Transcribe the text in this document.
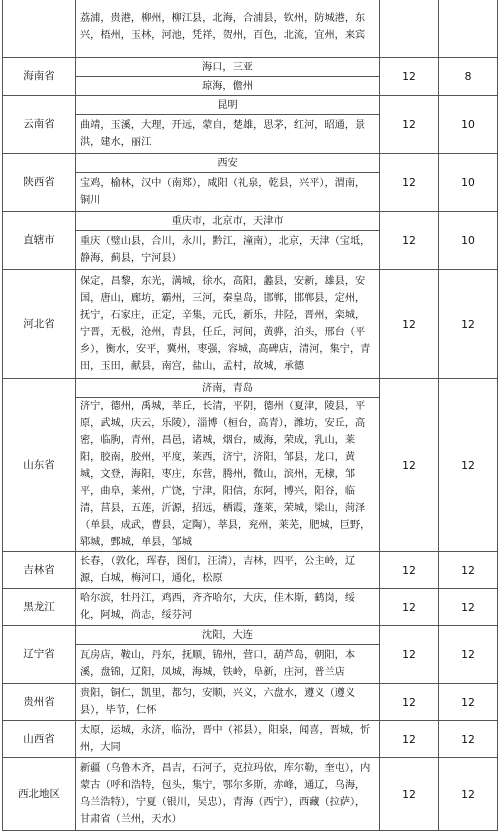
	荔浦，贵港，柳州，柳江县，北海，合浦县，钦州，防城港，东兴，梧州，玉林，河池，凭祥，贺州，百色，北流，宜州，来宾		
海南省	海口，三亚	12	8
	琼海，儋州		
云南省	昆明	12	10
	曲靖，玉溪，大理，开远，蒙自，楚雄，思茅，红河，昭通，景洪，建水，丽江		
陕西省	西安	12	10
	宝鸡，榆林，汉中（南郑），咸阳（礼泉，乾县，兴平），渭南，铜川		
直辖市	重庆市，北京市，天津市	12	10
	重庆（璧山县，合川，永川，黔江，潼南），北京，天津（宝坻，静海，蓟县，宁河县）		
河北省	保定，昌黎，东光，满城，徐水，高阳，蠡县，安新，雄县，安国，唐山，廊坊，霸州，三河，秦皇岛，邯郸，邯郸县，定州，抚宁，石家庄，正定，辛集，元氏，新乐，井陉，晋州，栾城，宁晋，无极，沧州，青县，任丘，河间，黄骅，泊头，邢台（平乡），衡水，安平，冀州，枣强，容城，高碑店，清河，集宁，青田，玉田，献县，南宫，盐山，孟村，故城，承德	12	12
山东省	济南，青岛	12	12
	济宁，德州，禹城，莘丘，长清，平阴，德州（夏津，陵县，平原，武城，庆云，乐陵），淄博（桓台，高青），潍坊，安丘，高密，临朐，青州，昌邑，诸城，烟台，威海，荣成，乳山，莱阳，胶南，胶州，平度，莱西，济宁，济阳，邹县，龙口，黄城，文登，海阳，枣庄，东营，腾州，微山，滨州，无棣，邹平，曲阜，莱州，广饶，宁津，阳信，东阿，博兴，阳谷，临清，莒县，五莲，沂源，招远，栖霞，蓬莱，荣城，梁山，菏泽（单县，成武，曹县，定陶），莘县，兖州，莱芜，肥城，巨野，郓城，鄄城，单县，邹城		
吉林省	长春，（敦化，珲春，图们，汪清），吉林，四平，公主岭，辽源，白城，梅河口，通化，松原	12	12
黑龙江	哈尔滨，牡丹江，鸡西，齐齐哈尔，大庆，佳木斯，鹤岗，绥化，阿城，尚志，绥芬河	12	12
辽宁省	沈阳，大连	12	12
	瓦房店，鞍山，丹东，抚顺，锦州，营口，葫芦岛，朝阳，本溪，盘锦，辽阳，凤城，海城，铁岭，阜新，庄河，普兰店		
贵州省	贵阳，铜仁，凯里，都匀，安顺，兴义，六盘水，遵义（遵义县），毕节，仁怀	12	12
山西省	太原，运城，永济，临汾，晋中（祁县），阳泉，闻喜，晋城，忻州，大同	12	12
西北地区	新疆（乌鲁木齐，昌吉，石河子，克拉玛依，库尔勒，奎屯），内蒙古（呼和浩特，包头，集宁，鄂尔多斯，赤峰，通辽，乌海，乌兰浩特），宁夏（银川，吴忠），青海（西宁），西藏（拉萨），甘肃省（兰州，天水）	12	12
